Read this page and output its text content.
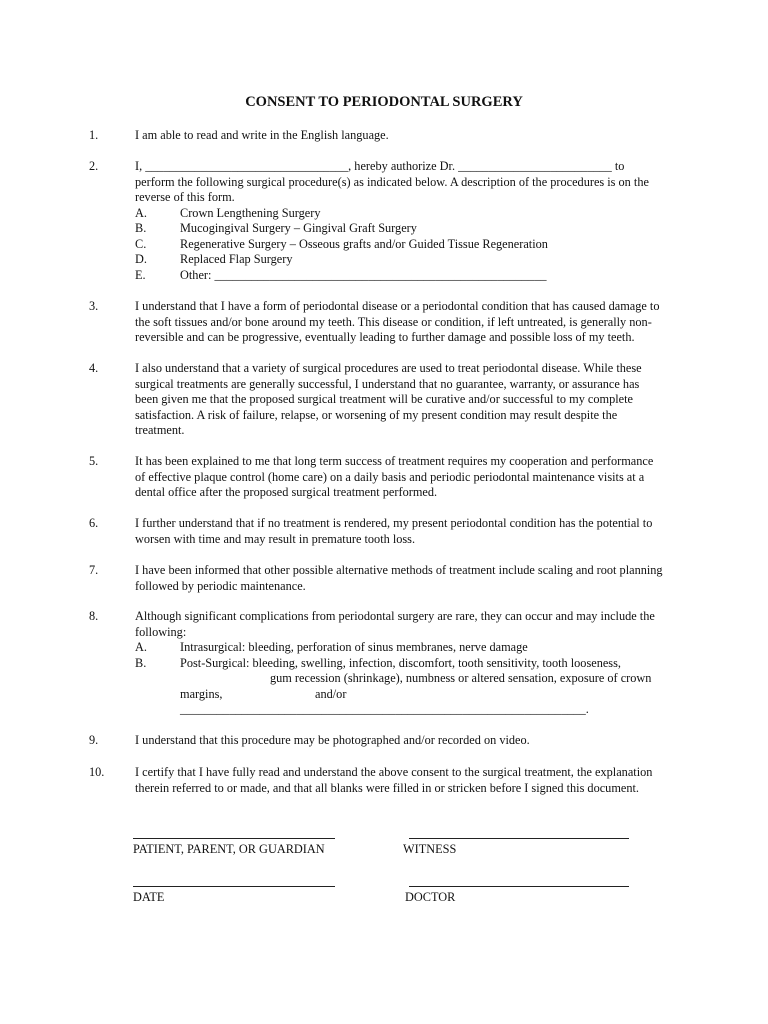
CONSENT TO PERIODONTAL SURGERY
1.	I am able to read and write in the English language.
2.	I, _________________________________, hereby authorize Dr. _________________________ to
perform the following surgical procedure(s) as indicated below. A description of the procedures is on the
reverse of this form.
A.	Crown Lengthening Surgery
B.	Mucogingival Surgery – Gingival Graft Surgery
C.	Regenerative Surgery – Osseous grafts and/or Guided Tissue Regeneration
D.	Replaced Flap Surgery
E.	Other: ______________________________________________________
3.	I understand that I have a form of periodontal disease or a periodontal condition that has caused damage to
the soft tissues and/or bone around my teeth. This disease or condition, if left untreated, is generally non-
reversible and can be progressive, eventually leading to further damage and possible loss of my teeth.
4.	I also understand that a variety of surgical procedures are used to treat periodontal disease. While these
surgical treatments are generally successful, I understand that no guarantee, warranty, or assurance has
been given me that the proposed surgical treatment will be curative and/or successful to my complete
satisfaction. A risk of failure, relapse, or worsening of my present condition may result despite the
treatment.
5.	It has been explained to me that long term success of treatment requires my cooperation and performance
of effective plaque control (home care) on a daily basis and periodic periodontal maintenance visits at a
dental office after the proposed surgical treatment performed.
6.	I further understand that if no treatment is rendered, my present periodontal condition has the potential to
worsen with time and may result in premature tooth loss.
7.	I have been informed that other possible alternative methods of treatment include scaling and root planning
followed by periodic maintenance.
8.	Although significant complications from periodontal surgery are rare, they can occur and may include the
following:
A.	Intrasurgical: bleeding, perforation of sinus membranes, nerve damage
B.	Post-Surgical: bleeding, swelling, infection, discomfort, tooth sensitivity, tooth looseness,
gum recession (shrinkage), numbness or altered sensation, exposure of crown
margins,	and/or
__________________________________________________________________.
9.	I understand that this procedure may be photographed and/or recorded on video.
10. I certify that I have fully read and understand the above consent to the surgical treatment, the explanation
therein referred to or made, and that all blanks were filled in or stricken before I signed this document.
PATIENT, PARENT, OR GUARDIAN	WITNESS
DATE	DOCTOR
